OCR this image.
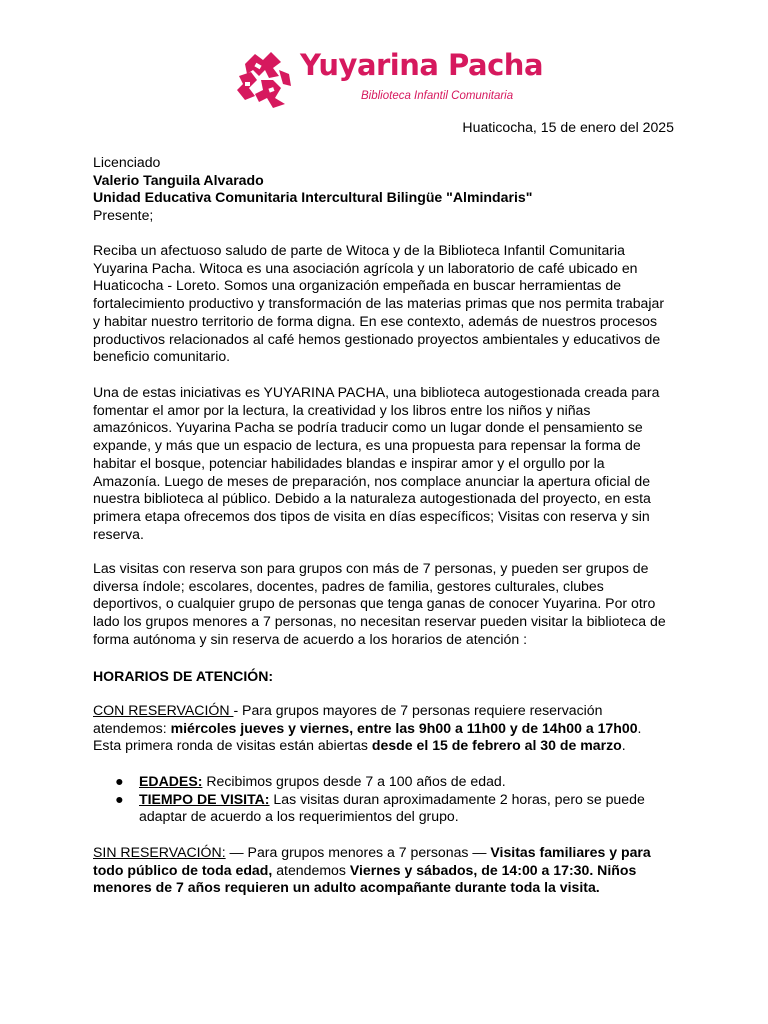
Yuyarina Pacha
Biblioteca Infantil Comunitaria
Huaticocha, 15 de enero del 2025
Licenciado
Valerio Tanguila Alvarado
Unidad Educativa Comunitaria Intercultural Bilingüe "Almindaris"
Presente;
Reciba un afectuoso saludo de parte de Witoca y de la Biblioteca Infantil Comunitaria
Yuyarina Pacha. Witoca es una asociación agrícola y un laboratorio de café ubicado en
Huaticocha - Loreto. Somos una organización empeñada en buscar herramientas de
fortalecimiento productivo y transformación de las materias primas que nos permita trabajar
y habitar nuestro territorio de forma digna. En ese contexto, además de nuestros procesos
productivos relacionados al café hemos gestionado proyectos ambientales y educativos de
beneficio comunitario.
Una de estas iniciativas es YUYARINA PACHA, una biblioteca autogestionada creada para
fomentar el amor por la lectura, la creatividad y los libros entre los niños y niñas
amazónicos. Yuyarina Pacha se podría traducir como un lugar donde el pensamiento se
expande, y más que un espacio de lectura, es una propuesta para repensar la forma de
habitar el bosque, potenciar habilidades blandas e inspirar amor y el orgullo por la
Amazonía. Luego de meses de preparación, nos complace anunciar la apertura oficial de
nuestra biblioteca al público. Debido a la naturaleza autogestionada del proyecto, en esta
primera etapa ofrecemos dos tipos de visita en días específicos; Visitas con reserva y sin
reserva.
Las visitas con reserva son para grupos con más de 7 personas, y pueden ser grupos de
diversa índole; escolares, docentes, padres de familia, gestores culturales, clubes
deportivos, o cualquier grupo de personas que tenga ganas de conocer Yuyarina. Por otro
lado los grupos menores a 7 personas, no necesitan reservar pueden visitar la biblioteca de
forma autónoma y sin reserva de acuerdo a los horarios de atención :
HORARIOS DE ATENCIÓN:
CON RESERVACIÓN - Para grupos mayores de 7 personas requiere reservación
atendemos: miércoles jueves y viernes, entre las 9h00 a 11h00 y de 14h00 a 17h00.
Esta primera ronda de visitas están abiertas desde el 15 de febrero al 30 de marzo.
● EDADES: Recibimos grupos desde 7 a 100 años de edad.
● TIEMPO DE VISITA: Las visitas duran aproximadamente 2 horas, pero se puede
adaptar de acuerdo a los requerimientos del grupo.
SIN RESERVACIÓN: — Para grupos menores a 7 personas — Visitas familiares y para
todo público de toda edad, atendemos Viernes y sábados, de 14:00 a 17:30. Niños
menores de 7 años requieren un adulto acompañante durante toda la visita.
